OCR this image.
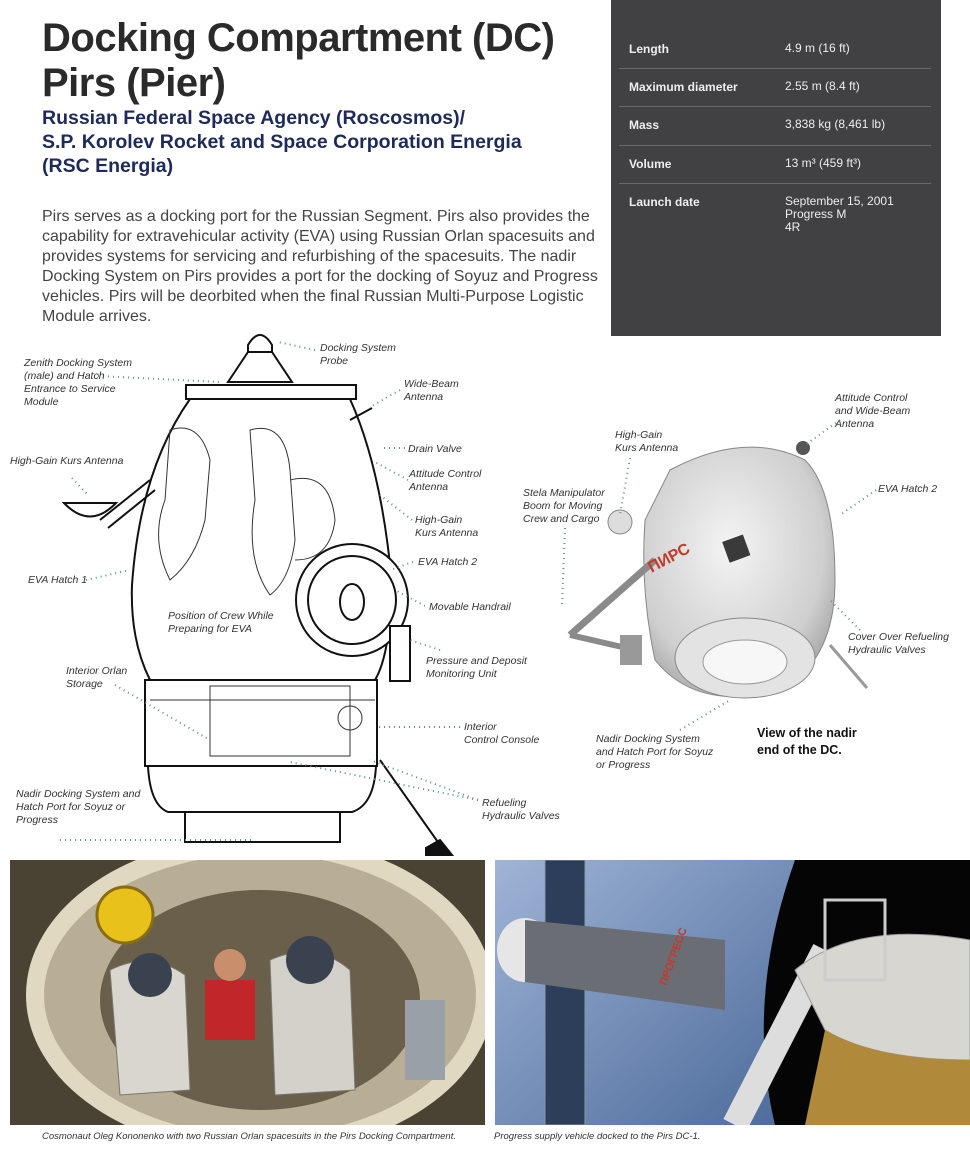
Docking Compartment (DC)
Pirs (Pier)
Russian Federal Space Agency (Roscosmos)/
S.P. Korolev Rocket and Space Corporation Energia
(RSC Energia)

Pirs serves as a docking port for the Russian Segment. Pirs also provides the capability for extravehicular activity (EVA) using Russian Orlan spacesuits and provides systems for servicing and refurbishing of the spacesuits. The nadir Docking System on Pirs provides a port for the docking of Soyuz and Progress vehicles. Pirs will be deorbited when the final Russian Multi-Purpose Logistic Module arrives.

Length	4.9 m (16 ft)
Maximum diameter	2.55 m (8.4 ft)
Mass	3,838 kg (8,461 lb)
Volume	13 m³ (459 ft³)
Launch date	September 15, 2001
Progress M
4R
Docking System
Probe
Zenith Docking System
(male) and Hatch
Entrance to Service
Module
Wide-Beam
Antenna
Drain Valve
High-Gain Kurs Antenna
Attitude Control
Antenna
High-Gain
Kurs Antenna
EVA Hatch 1
EVA Hatch 2
Movable Handrail
Position of Crew While
Preparing for EVA
Pressure and Deposit
Monitoring Unit
Interior Orlan
Storage
Interior
Control Console
Nadir Docking System and
Hatch Port for Soyuz or
Progress
Refueling
Hydraulic Valves
ПИРС
Attitude Control
and Wide-Beam
Antenna
High-Gain
Kurs Antenna
Stela Manipulator
Boom for Moving
Crew and Cargo
EVA Hatch 2
Cover Over Refueling
Hydraulic Valves
Nadir Docking System
and Hatch Port for Soyuz
or Progress
View of the nadir
end of the DC.
Cosmonaut Oleg Kononenko with two Russian Orlan spacesuits in the Pirs Docking Compartment.
ПРОГРЕСС
Progress supply vehicle docked to the Pirs DC-1.
